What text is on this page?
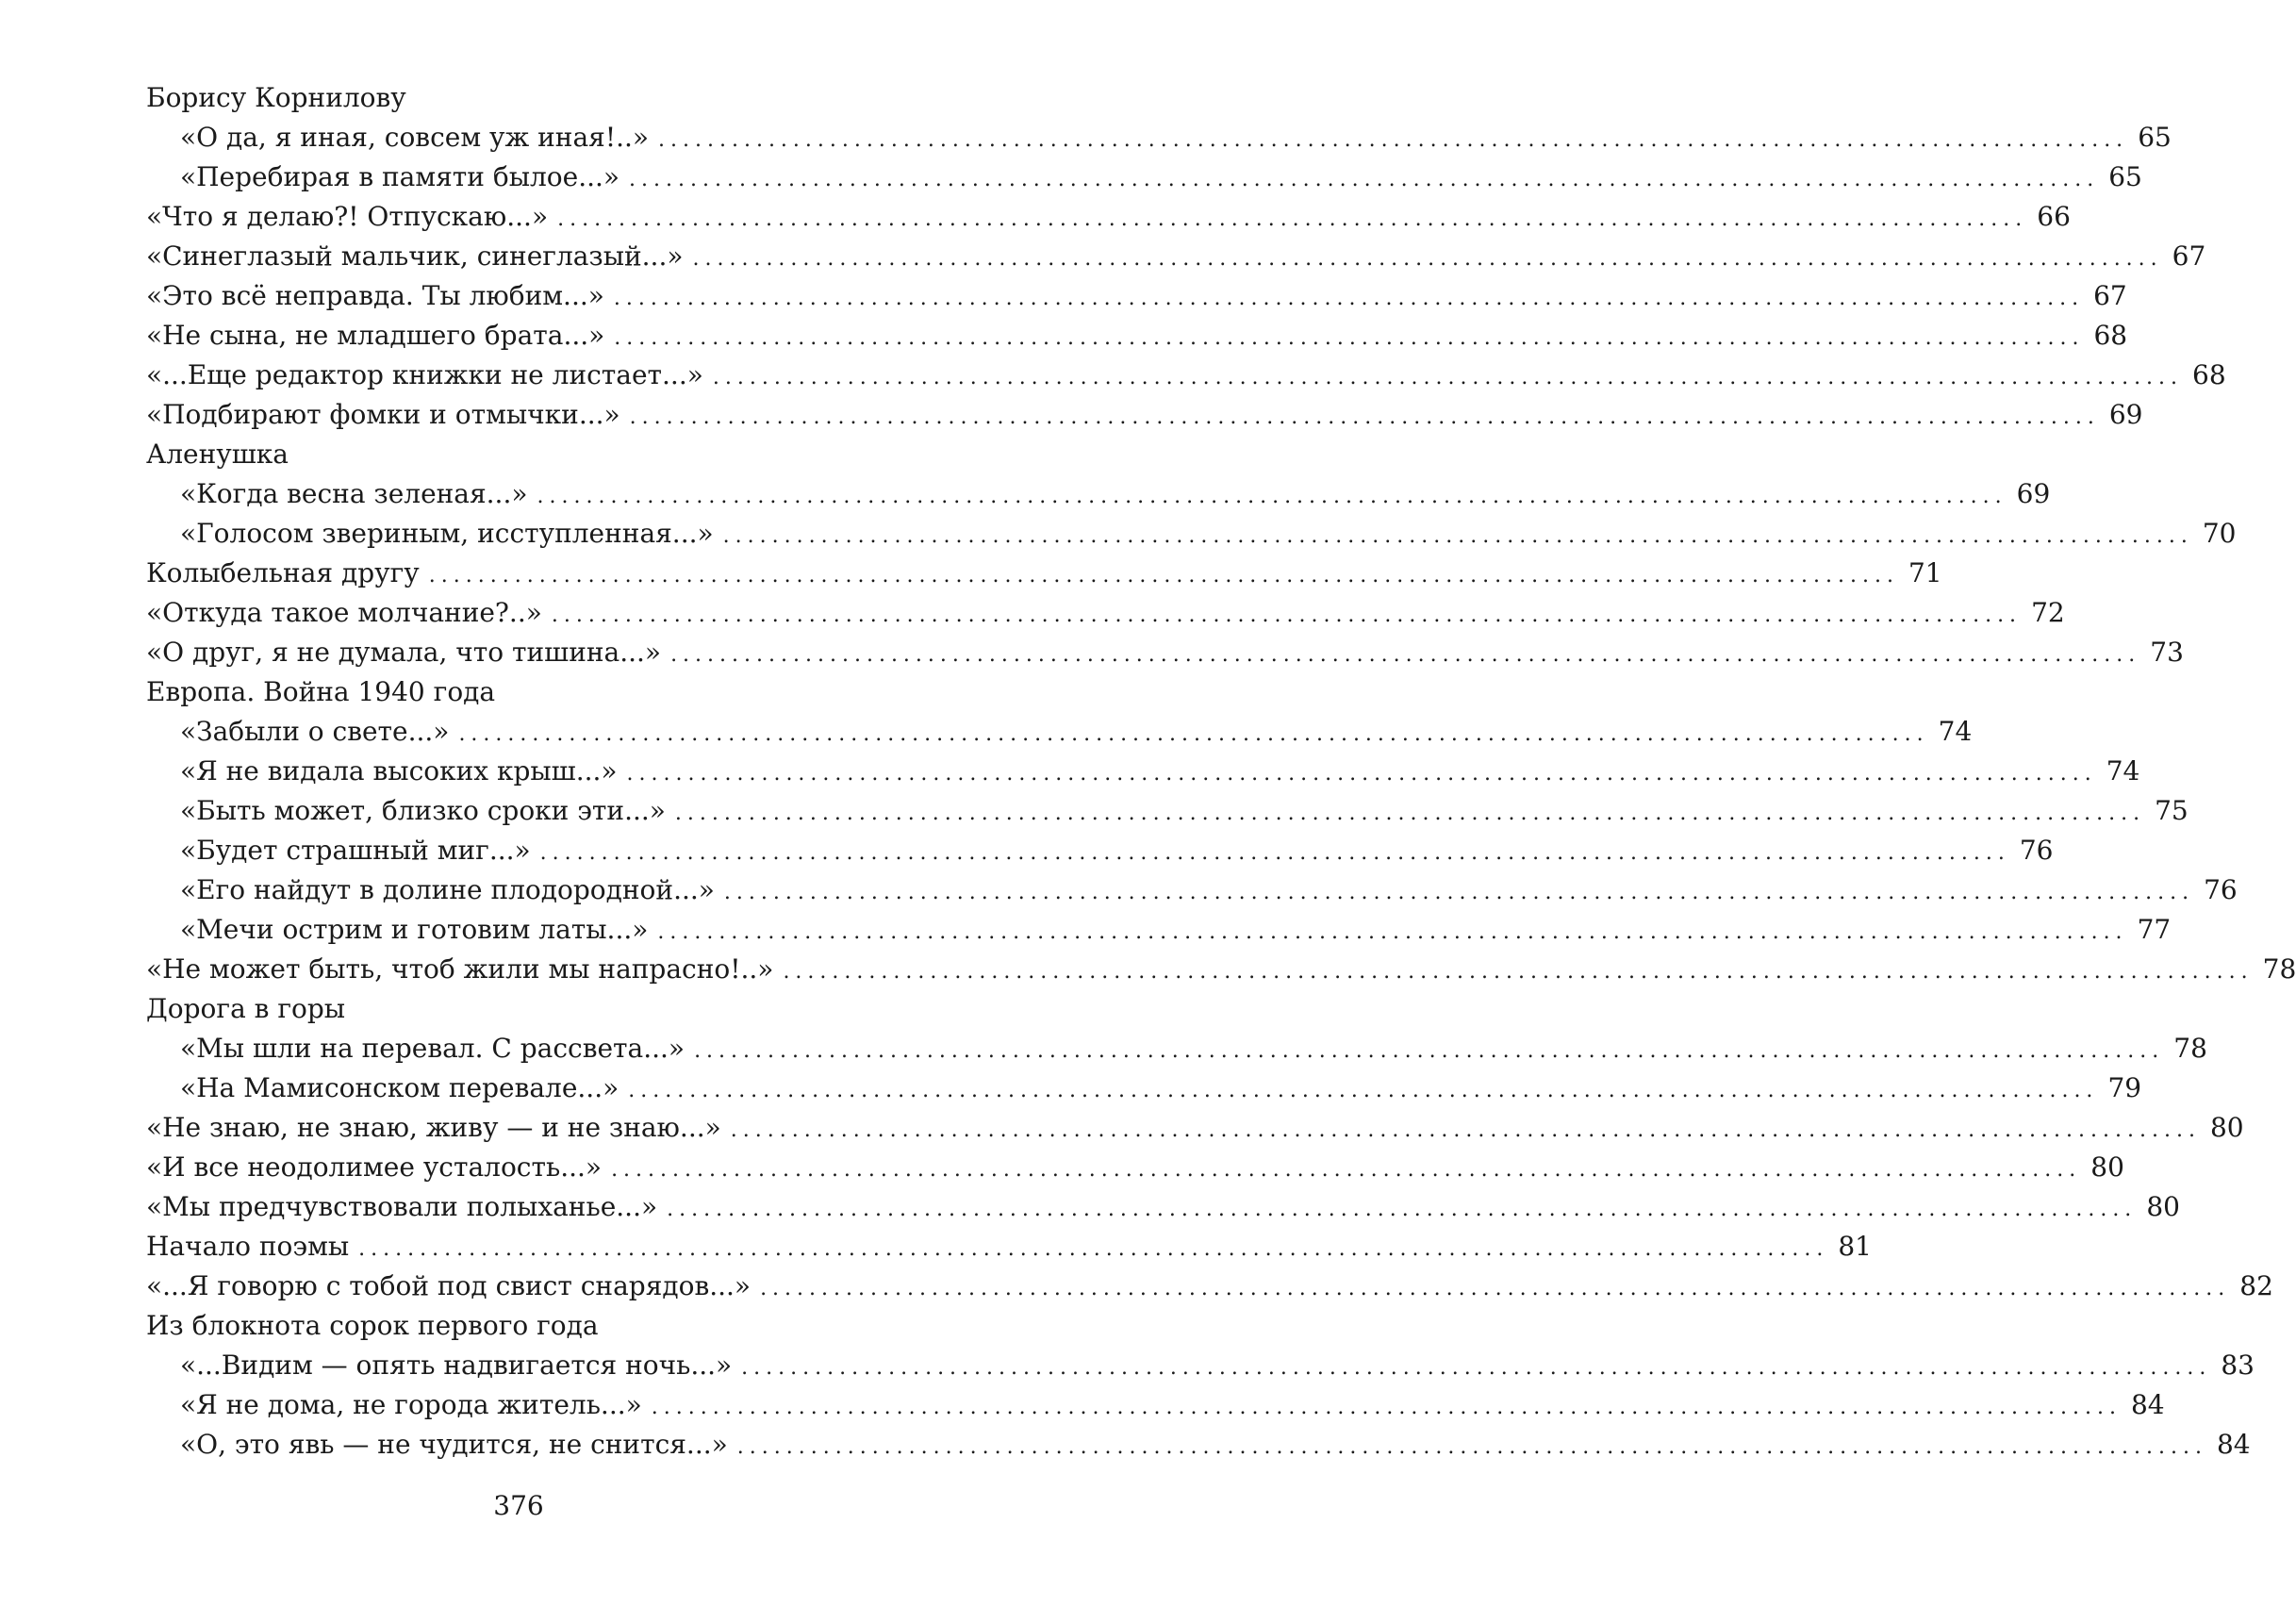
Борису Корнилову
«О да, я иная, совсем уж иная!..» ........................................................................................................................ 65
«Перебирая в памяти былое...» ........................................................................................................................ 65
«Что я делаю?! Отпускаю...» ........................................................................................................................ 66
«Синеглазый мальчик, синеглазый...» ........................................................................................................................ 67
«Это всё неправда. Ты любим...» ........................................................................................................................ 67
«Не сына, не младшего брата...» ........................................................................................................................ 68
«...Еще редактор книжки не листает...» ........................................................................................................................ 68
«Подбирают фомки и отмычки...» ........................................................................................................................ 69
Аленушка
«Когда весна зеленая...» ........................................................................................................................ 69
«Голосом звериным, исступленная...» ........................................................................................................................ 70
Колыбельная другу ........................................................................................................................ 71
«Откуда такое молчание?..» ........................................................................................................................ 72
«О друг, я не думала, что тишина...» ........................................................................................................................ 73
Европа. Война 1940 года
«Забыли о свете...» ........................................................................................................................ 74
«Я не видала высоких крыш...» ........................................................................................................................ 74
«Быть может, близко сроки эти...» ........................................................................................................................ 75
«Будет страшный миг...» ........................................................................................................................ 76
«Его найдут в долине плодородной...» ........................................................................................................................ 76
«Мечи острим и готовим латы...» ........................................................................................................................ 77
«Не может быть, чтоб жили мы напрасно!..» ........................................................................................................................ 78
Дорога в горы
«Мы шли на перевал. С рассвета...» ........................................................................................................................ 78
«На Мамисонском перевале...» ........................................................................................................................ 79
«Не знаю, не знаю, живу — и не знаю...» ........................................................................................................................ 80
«И все неодолимее усталость...» ........................................................................................................................ 80
«Мы предчувствовали полыханье...» ........................................................................................................................ 80
Начало поэмы ........................................................................................................................ 81
«...Я говорю с тобой под свист снарядов...» ........................................................................................................................ 82
Из блокнота сорок первого года
«...Видим — опять надвигается ночь...» ........................................................................................................................ 83
«Я не дома, не города житель...» ........................................................................................................................ 84
«О, это явь — не чудится, не снится...» ........................................................................................................................ 84
376
